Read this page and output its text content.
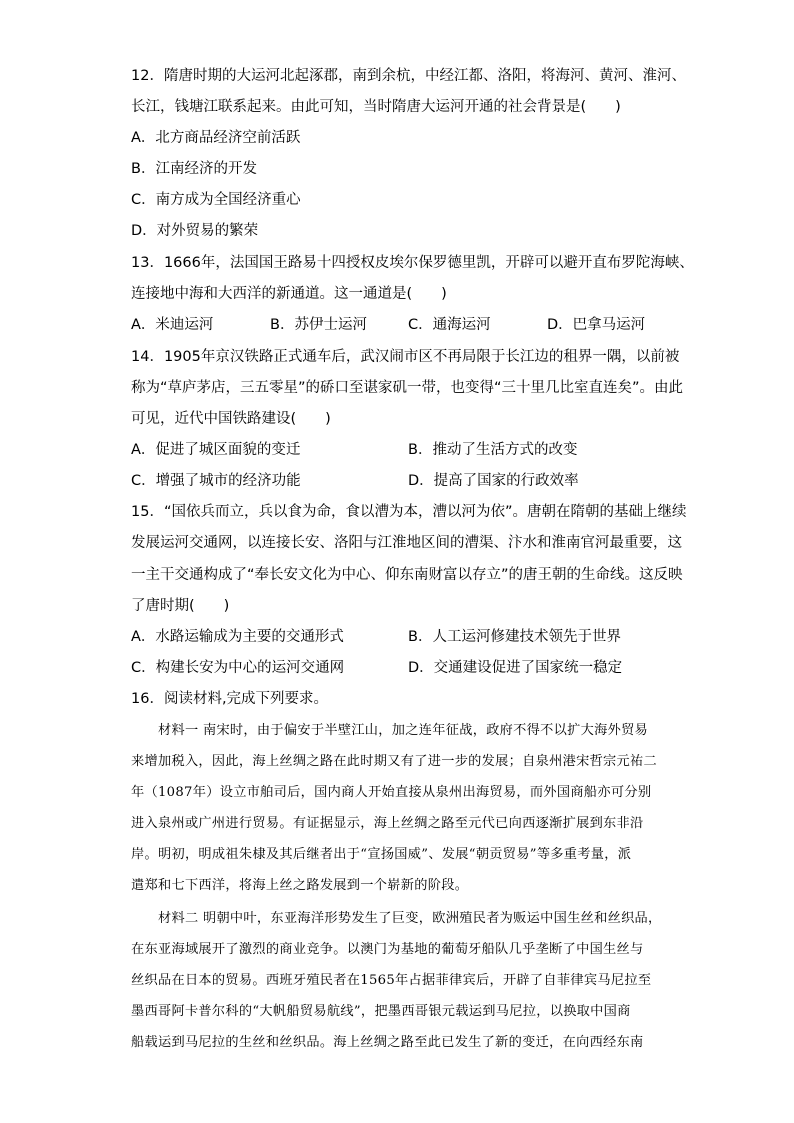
12．隋唐时期的大运河北起涿郡，南到余杭，中经江都、洛阳，将海河、黄河、淮河、
长江，钱塘江联系起来。由此可知，当时隋唐大运河开通的社会背景是(　　)
A．北方商品经济空前活跃
B．江南经济的开发
C．南方成为全国经济重心
D．对外贸易的繁荣
13．1666年，法国国王路易十四授权皮埃尔保罗德里凯，开辟可以避开直布罗陀海峡、
连接地中海和大西洋的新通道。这一通道是(　　)
A．米迪运河	B．苏伊士运河	C．通海运河	D．巴拿马运河
14．1905年京汉铁路正式通车后，武汉闹市区不再局限于长江边的租界一隅，以前被
称为“草庐茅店，三五零星”的硚口至谌家矶一带，也变得“三十里几比室直连矣”。由此
可见，近代中国铁路建设(　　)
A．促进了城区面貌的变迁	B．推动了生活方式的改变
C．增强了城市的经济功能	D．提高了国家的行政效率
15．“国依兵而立，兵以食为命，食以漕为本，漕以河为依”。唐朝在隋朝的基础上继续
发展运河交通网，以连接长安、洛阳与江淮地区间的漕渠、汴水和淮南官河最重要，这
一主干交通构成了“奉长安文化为中心、仰东南财富以存立”的唐王朝的生命线。这反映
了唐时期(　　)
A．水路运输成为主要的交通形式	B．人工运河修建技术领先于世界
C．构建长安为中心的运河交通网	D．交通建设促进了国家统一稳定
16．阅读材料,完成下列要求。
材料一 南宋时，由于偏安于半壁江山，加之连年征战，政府不得不以扩大海外贸易
来增加税入，因此，海上丝绸之路在此时期又有了进一步的发展；自泉州港宋哲宗元祐二
年（1087年）设立市舶司后，国内商人开始直接从泉州出海贸易，而外国商船亦可分别
进入泉州或广州进行贸易。有证据显示，海上丝绸之路至元代已向西逐渐扩展到东非沿
岸。明初，明成祖朱棣及其后继者出于“宣扬国威”、发展“朝贡贸易”等多重考量，派
遣郑和七下西洋，将海上丝之路发展到一个崭新的阶段。
材料二 明朝中叶，东亚海洋形势发生了巨变，欧洲殖民者为贩运中国生丝和丝织品，
在东亚海域展开了激烈的商业竞争。以澳门为基地的葡萄牙船队几乎垄断了中国生丝与
丝织品在日本的贸易。西班牙殖民者在1565年占据菲律宾后，开辟了自菲律宾马尼拉至
墨西哥阿卡普尔科的“大帆船贸易航线”，把墨西哥银元载运到马尼拉，以换取中国商
船载运到马尼拉的生丝和丝织品。海上丝绸之路至此已发生了新的变迁，在向西经东南
